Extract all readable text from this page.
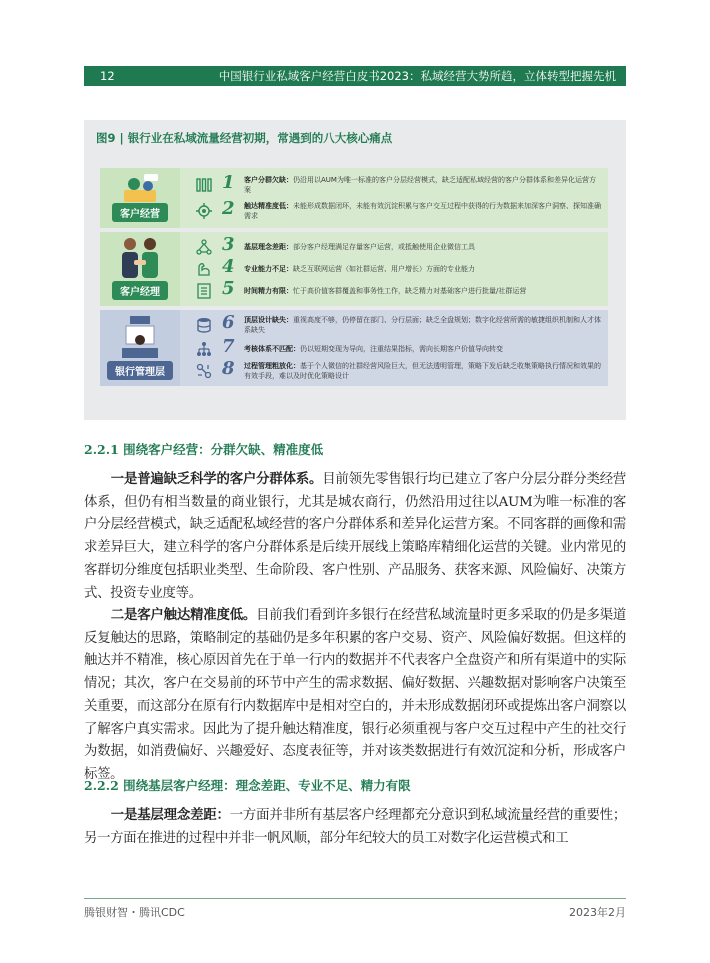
12	中国银行业私域客户经营白皮书2023：私域经营大势所趋，立体转型把握先机
图9 | 银行业在私域流量经营初期，常遇到的八大核心痛点
客户经营
1 客户分群欠缺：仍沿用以AUM为唯一标准的客户分层经营模式，缺乏适配私域经营的客户分群体系和差异化运营方案
2 触达精准度低：未能形成数据闭环，未能有效沉淀积累与客户交互过程中获得的行为数据来加深客户洞察、探知准确需求
客户经理
3 基层理念差距：部分客户经理满足存量客户运营，或抵触使用企业微信工具
4 专业能力不足：缺乏互联网运营（如社群运营、用户增长）方面的专业能力
5 时间精力有限：忙于高价值客群覆盖和事务性工作，缺乏精力对基础客户进行批量/社群运营
银行管理层
6 顶层设计缺失：重视高度不够，仍停留在部门、分行层面；缺乏全盘规划；数字化经营所需的敏捷组织机制和人才体系缺失
7 考核体系不匹配：仍以短期变现为导向，注重结果指标，需向长期客户价值导向转变
8 过程管理粗放化：基于个人微信的社群经营风险巨大，但无法透明管理，策略下发后缺乏收集策略执行情况和效果的有效手段，难以及时优化策略设计
2.2.1 围绕客户经营：分群欠缺、精准度低
一是普遍缺乏科学的客户分群体系。目前领先零售银行均已建立了客户分层分群分类经营体系，但仍有相当数量的商业银行，尤其是城农商行，仍然沿用过往以AUM为唯一标准的客户分层经营模式，缺乏适配私域经营的客户分群体系和差异化运营方案。不同客群的画像和需求差异巨大，建立科学的客户分群体系是后续开展线上策略库精细化运营的关键。业内常见的客群切分维度包括职业类型、生命阶段、客户性别、产品服务、获客来源、风险偏好、决策方式、投资专业度等。
二是客户触达精准度低。目前我们看到许多银行在经营私域流量时更多采取的仍是多渠道反复触达的思路，策略制定的基础仍是多年积累的客户交易、资产、风险偏好数据。但这样的触达并不精准，核心原因首先在于单一行内的数据并不代表客户全盘资产和所有渠道中的实际情况；其次，客户在交易前的环节中产生的需求数据、偏好数据、兴趣数据对影响客户决策至关重要，而这部分在原有行内数据库中是相对空白的，并未形成数据闭环或提炼出客户洞察以了解客户真实需求。因此为了提升触达精准度，银行必须重视与客户交互过程中产生的社交行为数据，如消费偏好、兴趣爱好、态度表征等，并对该类数据进行有效沉淀和分析，形成客户标签。
2.2.2 围绕基层客户经理：理念差距、专业不足、精力有限
一是基层理念差距：一方面并非所有基层客户经理都充分意识到私域流量经营的重要性；另一方面在推进的过程中并非一帆风顺，部分年纪较大的员工对数字化运营模式和工
腾银财智・腾讯CDC	2023年2月
